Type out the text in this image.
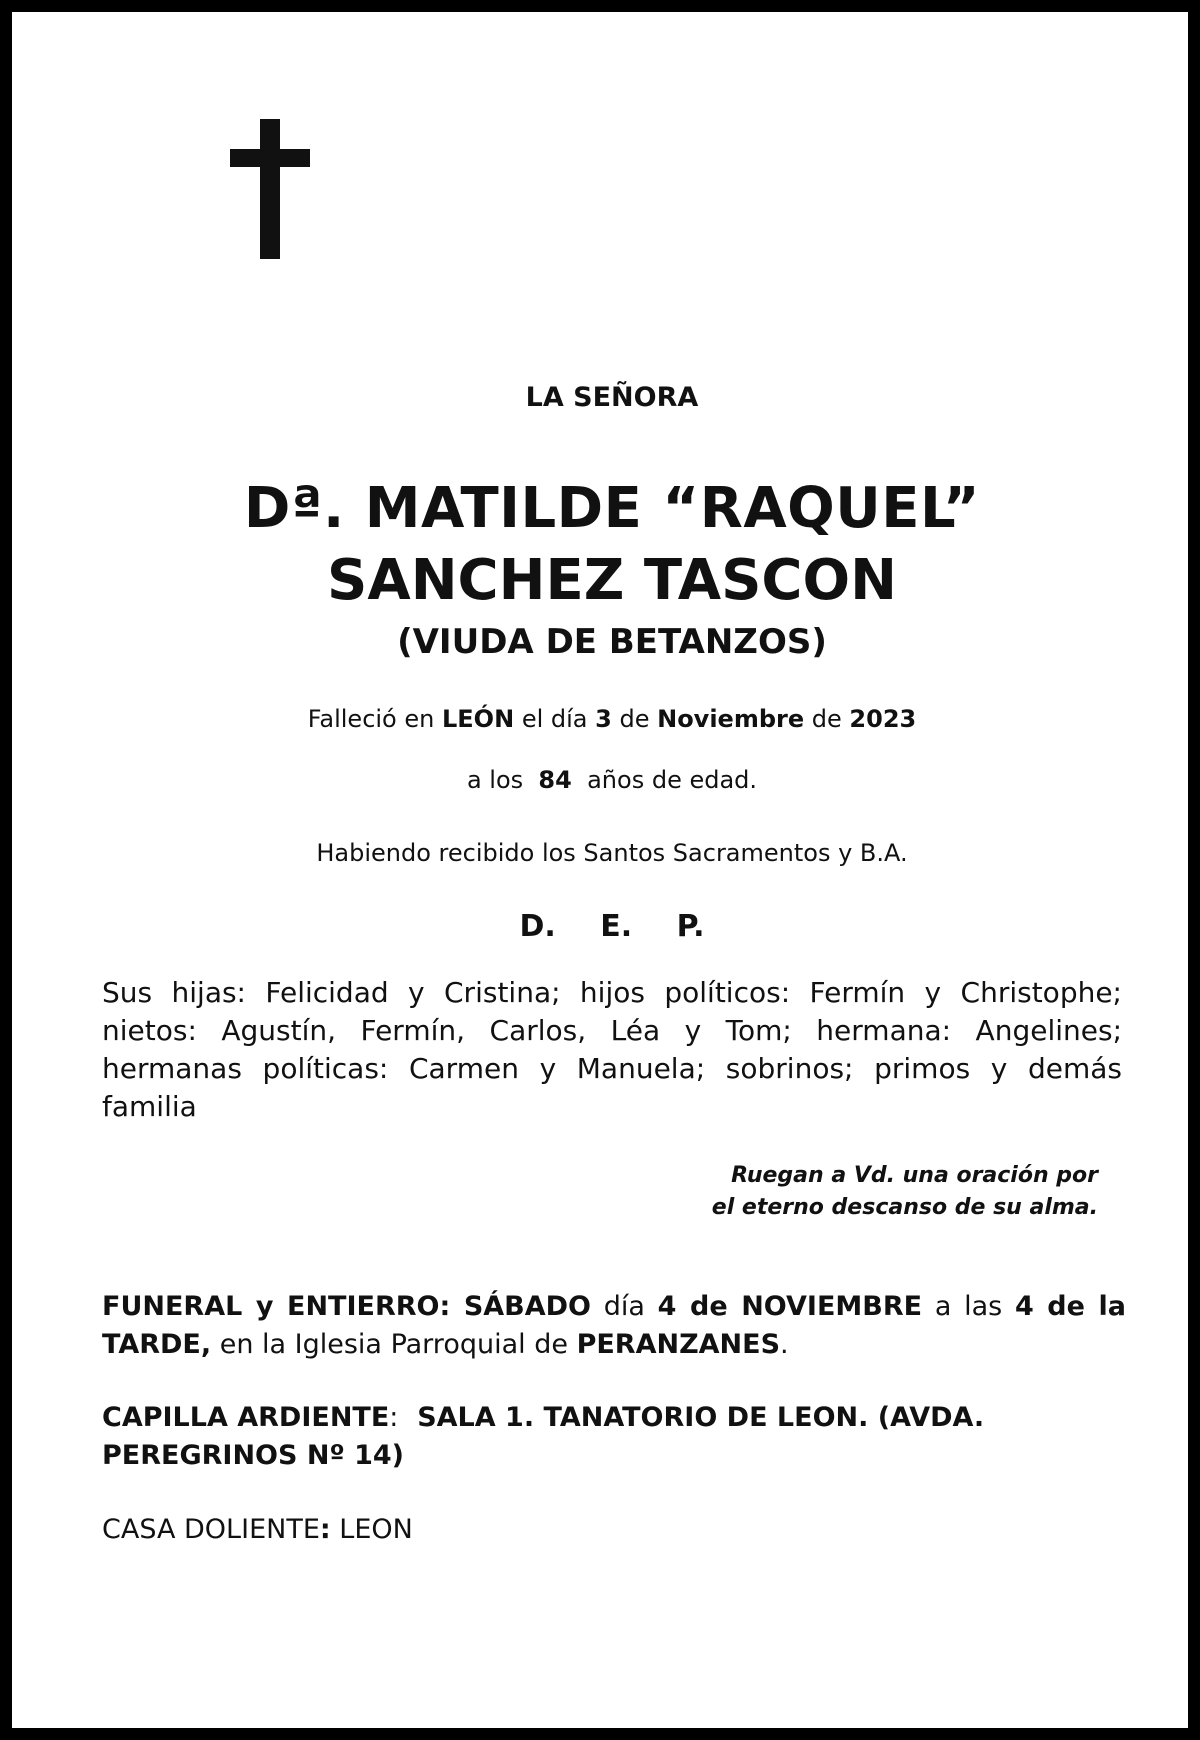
LA SEÑORA
Dª. MATILDE “RAQUEL”
SANCHEZ TASCON
(VIUDA DE BETANZOS)
Falleció en LEÓN el día 3 de Noviembre de 2023
a los 84 años de edad.
Habiendo recibido los Santos Sacramentos y B.A.
D. E. P.
Sus hijas: Felicidad y Cristina; hijos políticos: Fermín y Christophe; nietos: Agustín, Fermín, Carlos, Léa y Tom; hermana: Angelines; hermanas políticas: Carmen y Manuela; sobrinos; primos y demás familia
Ruegan a Vd. una oración por
el eterno descanso de su alma.
FUNERAL y ENTIERRO: SÁBADO día 4 de NOVIEMBRE a las 4 de la TARDE, en la Iglesia Parroquial de PERANZANES.
CAPILLA ARDIENTE: SALA 1. TANATORIO DE LEON. (AVDA. PEREGRINOS Nº 14)
CASA DOLIENTE: LEON
